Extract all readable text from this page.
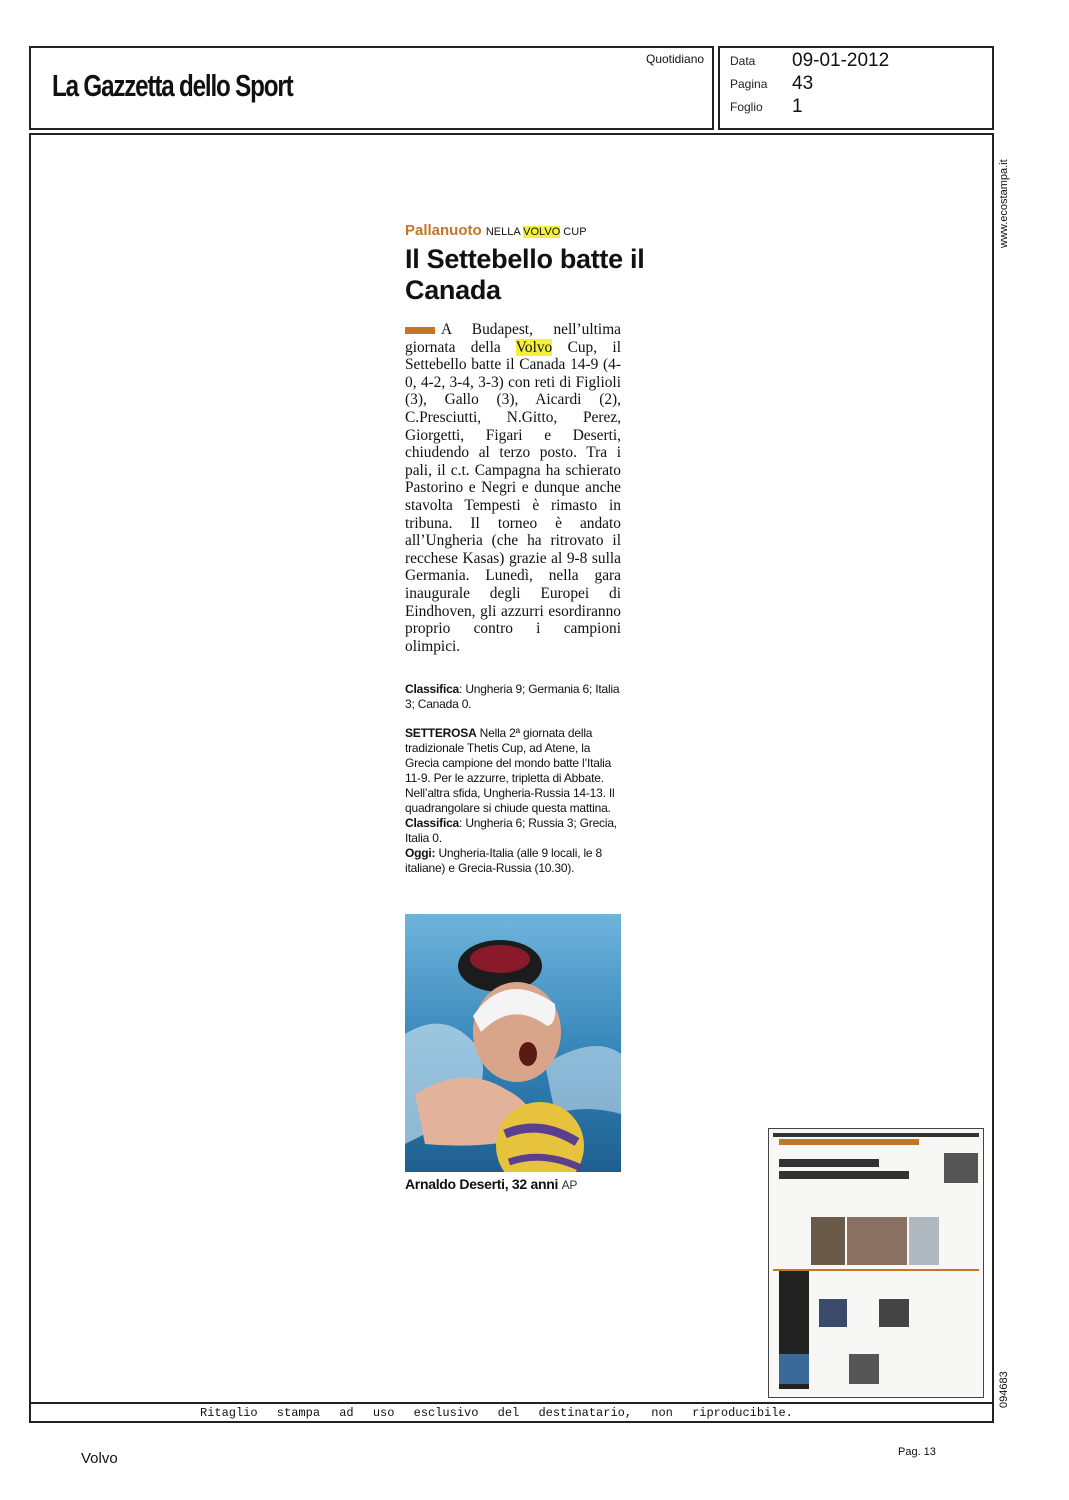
La Gazzetta dello Sport
Quotidiano Data 09-01-2012
Pagina 43
Foglio 1
www.ecostampa.it
094683
Pallanuoto NELLA VOLVO CUP
Il Settebello batte il Canada
A Budapest, nell’ultima giornata della Volvo Cup, il Settebello batte il Canada 14-9 (4-0, 4-2, 3-4, 3-3) con reti di Figlioli (3), Gallo (3), Aicardi (2), C.Presciutti, N.Gitto, Perez, Giorgetti, Figari e Deserti, chiudendo al terzo posto. Tra i pali, il c.t. Campagna ha schierato Pastorino e Negri e dunque anche stavolta Tempesti è rimasto in tribuna. Il torneo è andato all’Ungheria (che ha ritrovato il recchese Kasas) grazie al 9-8 sulla Germania. Lunedì, nella gara inaugurale degli Europei di Eindhoven, gli azzurri esordiranno proprio contro i campioni olimpici.
Classifica: Ungheria 9; Germania 6; Italia 3; Canada 0.
SETTEROSA Nella 2ª giornata della tradizionale Thetis Cup, ad Atene, la Grecia campione del mondo batte l’Italia 11-9. Per le azzurre, tripletta di Abbate. Nell’altra sfida, Ungheria-Russia 14-13. Il quadrangolare si chiude questa mattina.
Classifica: Ungheria 6; Russia 3; Grecia, Italia 0.
Oggi: Ungheria-Italia (alle 9 locali, le 8 italiane) e Grecia-Russia (10.30).
Arnaldo Deserti, 32 anni AP
Ritaglio stampa ad uso esclusivo del destinatario, non riproducibile.
Volvo	Pag. 13
